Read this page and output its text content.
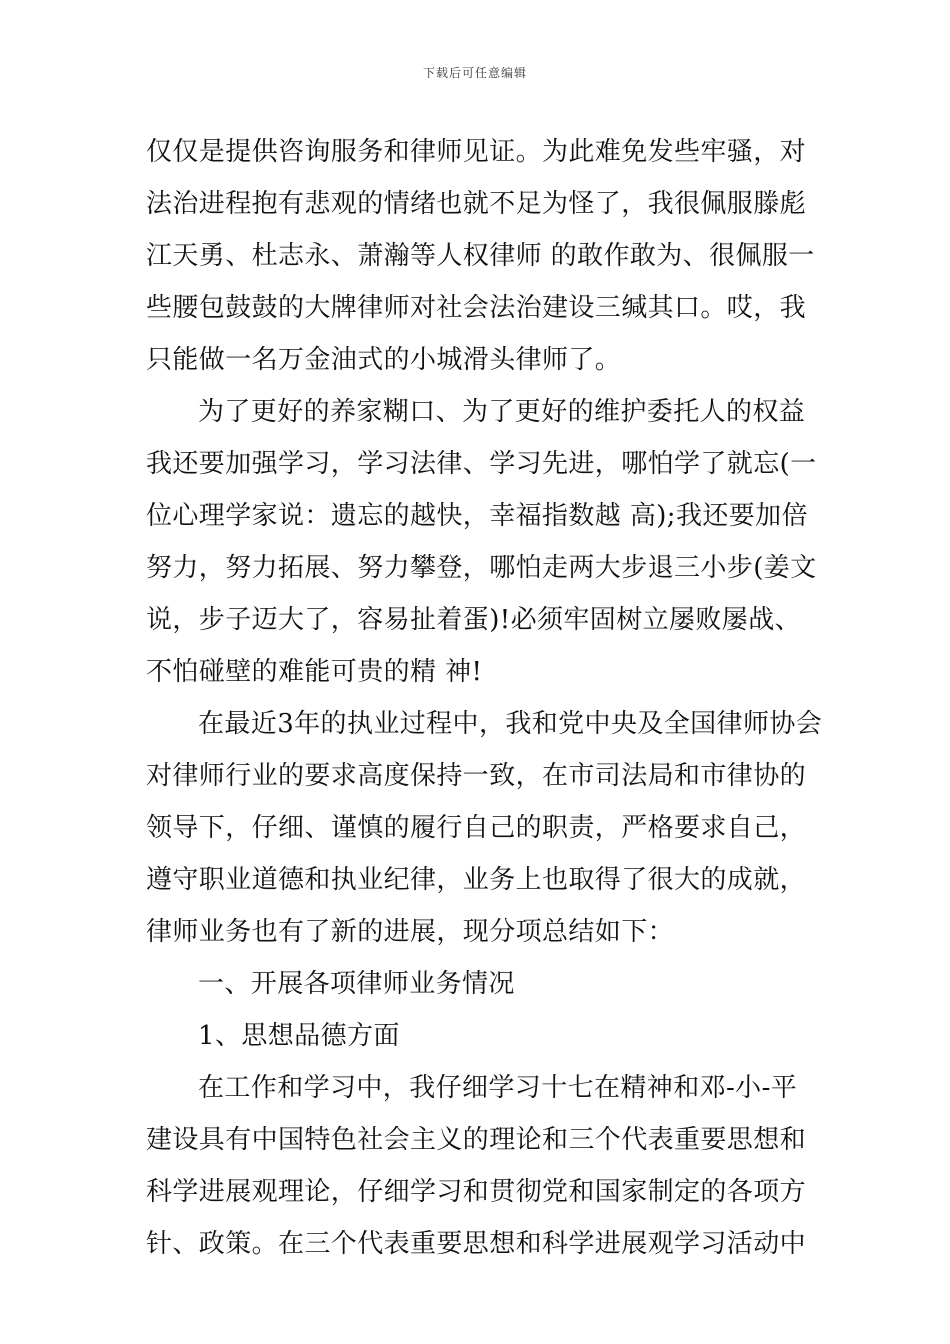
下载后可任意编辑
仅仅是提供咨询服务和律师见证。为此难免发些牢骚，对
法治进程抱有悲观的情绪也就不足为怪了，我很佩服滕彪
江天勇、杜志永、萧瀚等人权律师 的敢作敢为、很佩服一
些腰包鼓鼓的大牌律师对社会法治建设三缄其口。哎，我
只能做一名万金油式的小城滑头律师了。
为了更好的养家糊口、为了更好的维护委托人的权益
我还要加强学习，学习法律、学习先进，哪怕学了就忘(一
位心理学家说：遗忘的越快，幸福指数越 高);我还要加倍
努力，努力拓展、努力攀登，哪怕走两大步退三小步(姜文
说，步子迈大了，容易扯着蛋)!必须牢固树立屡败屡战、
不怕碰壁的难能可贵的精 神!
在最近3年的执业过程中，我和党中央及全国律师协会
对律师行业的要求高度保持一致，在市司法局和市律协的
领导下，仔细、谨慎的履行自己的职责，严格要求自己，
遵守职业道德和执业纪律，业务上也取得了很大的成就，
律师业务也有了新的进展，现分项总结如下：
一、开展各项律师业务情况
1、思想品德方面
在工作和学习中，我仔细学习十七在精神和邓-小-平
建设具有中国特色社会主义的理论和三个代表重要思想和
科学进展观理论，仔细学习和贯彻党和国家制定的各项方
针、政策。在三个代表重要思想和科学进展观学习活动中
